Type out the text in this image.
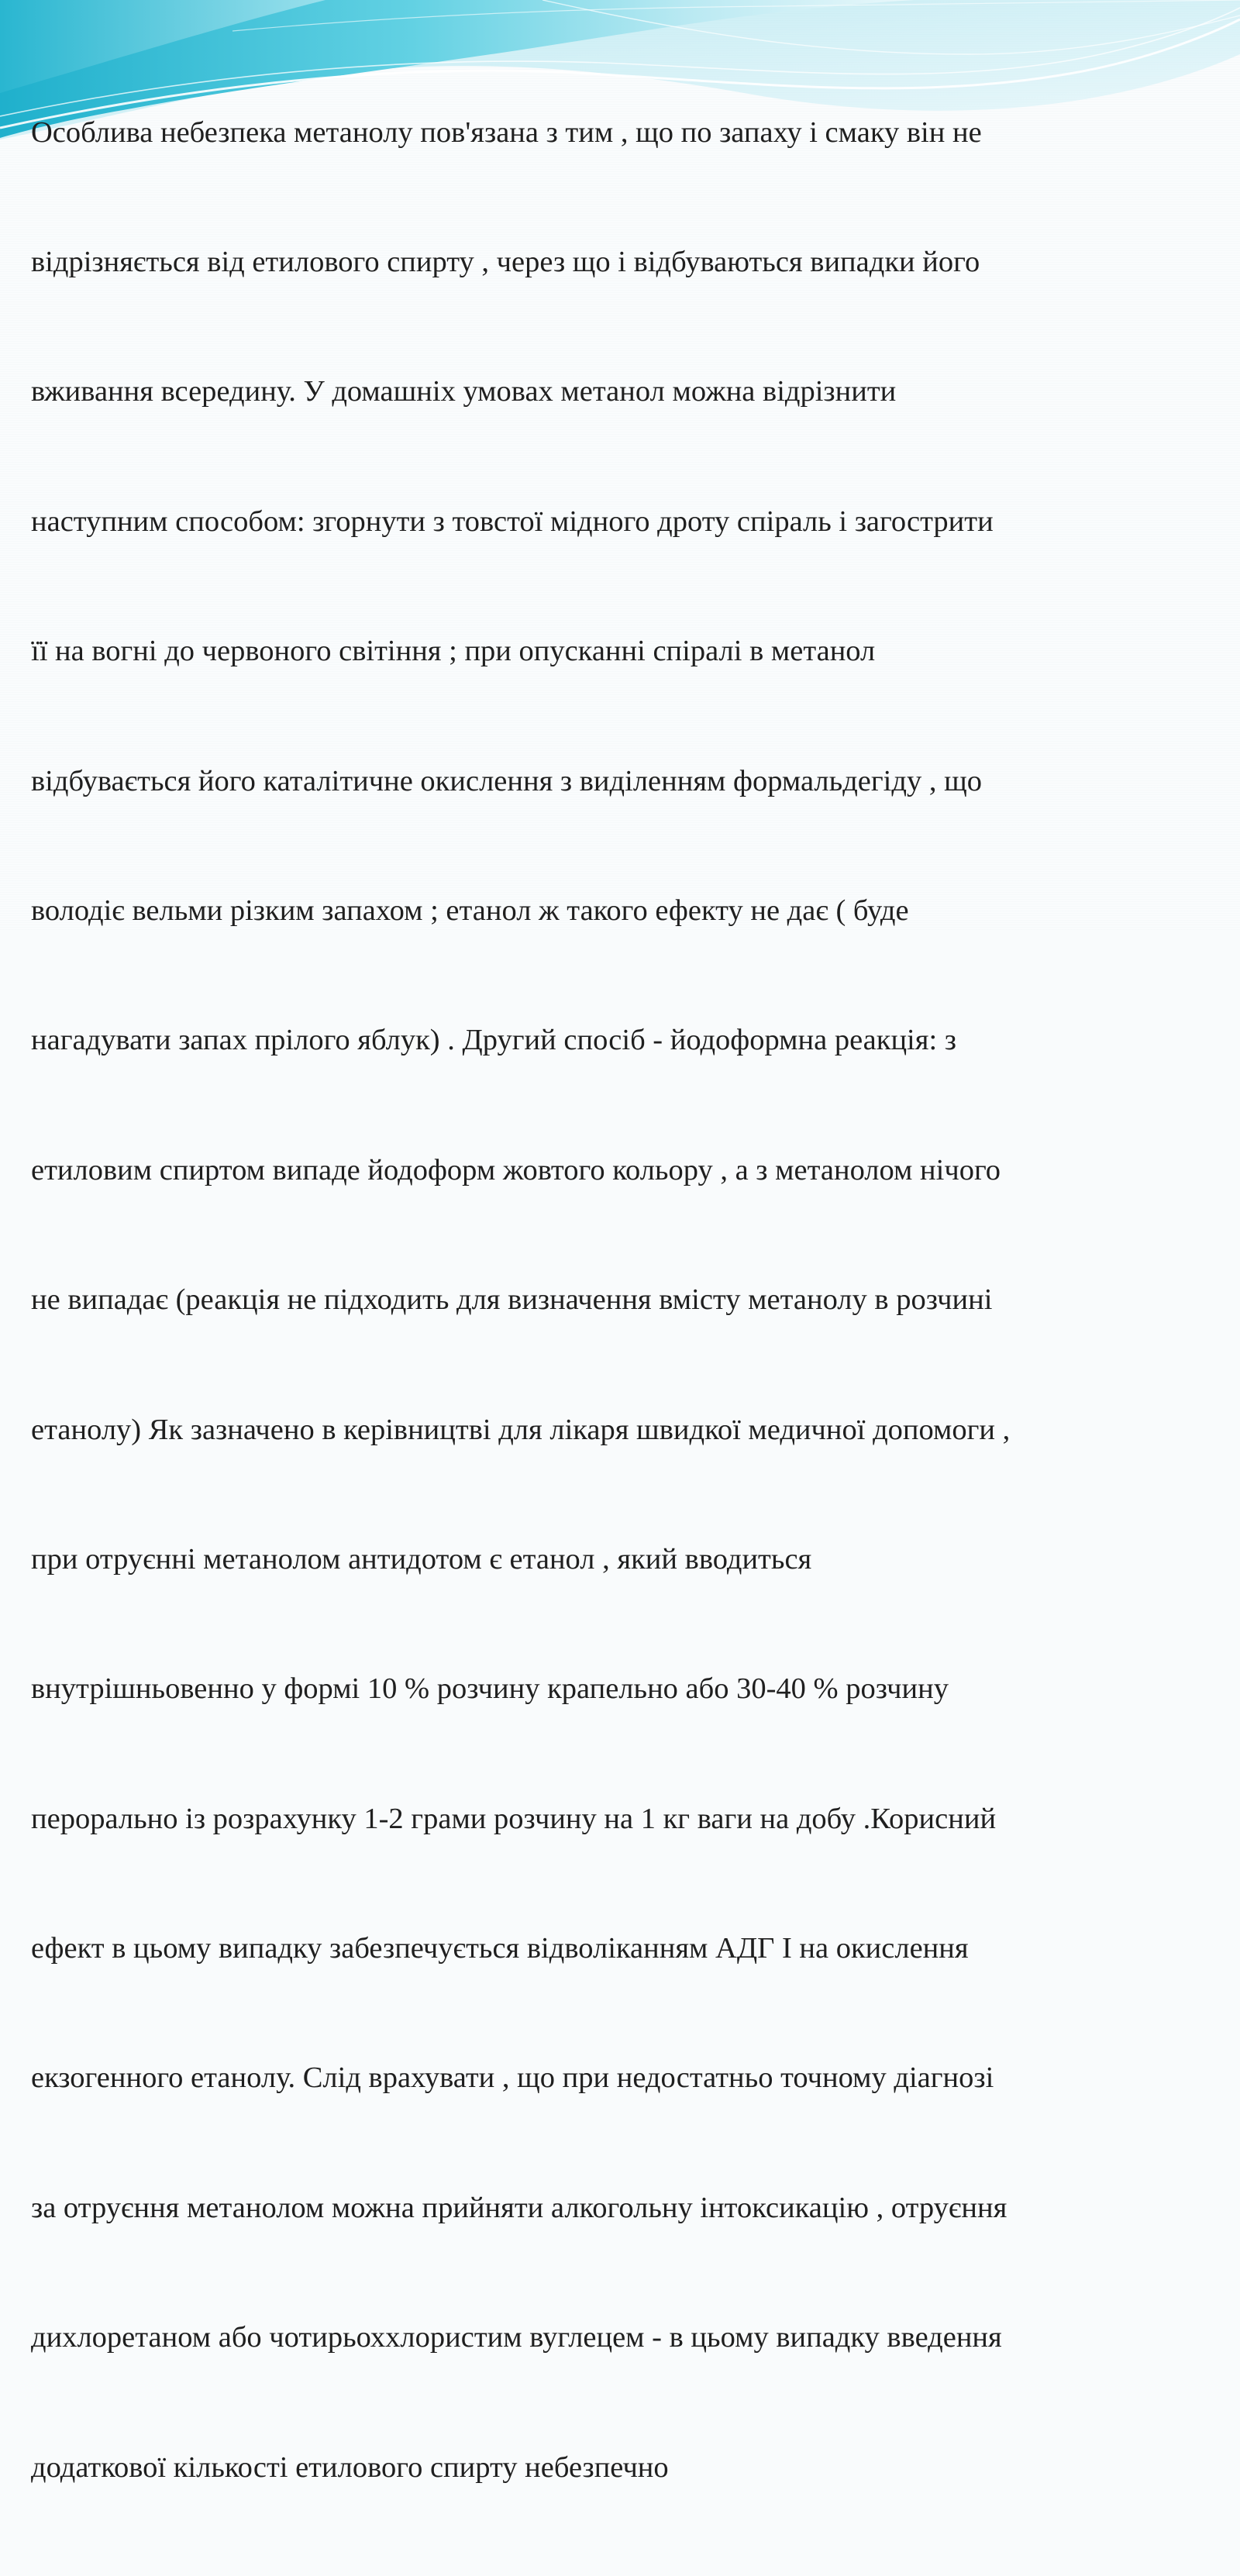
Особлива небезпека метанолу пов'язана з тим , що по запаху і смаку він не

відрізняється від етилового спирту , через що і відбуваються випадки його

вживання всередину. У домашніх умовах метанол можна відрізнити

наступним способом: згорнути з товстої мідного дроту спіраль і загострити

її на вогні до червоного світіння ; при опусканні спіралі в метанол

відбувається його каталітичне окислення з виділенням формальдегіду , що

володіє вельми різким запахом ; етанол ж такого ефекту не дає ( буде

нагадувати запах прілого яблук) . Другий спосіб - йодоформна реакція: з

етиловим спиртом випаде йодоформ жовтого кольору , а з метанолом нічого

не випадає (реакція не підходить для визначення вмісту метанолу в розчині

етанолу) Як зазначено в керівництві для лікаря швидкої медичної допомоги ,

при отруєнні метанолом антидотом є етанол , який вводиться

внутрішньовенно у формі 10 % розчину крапельно або 30-40 % розчину

перорально із розрахунку 1-2 грами розчину на 1 кг ваги на добу .Корисний

ефект в цьому випадку забезпечується відволіканням АДГ I на окислення

екзогенного етанолу. Слід врахувати , що при недостатньо точному діагнозі

за отруєння метанолом можна прийняти алкогольну інтоксикацію , отруєння

дихлоретаном або чотирьоххлористим вуглецем - в цьому випадку введення

додаткової кількості етилового спирту небезпечно
